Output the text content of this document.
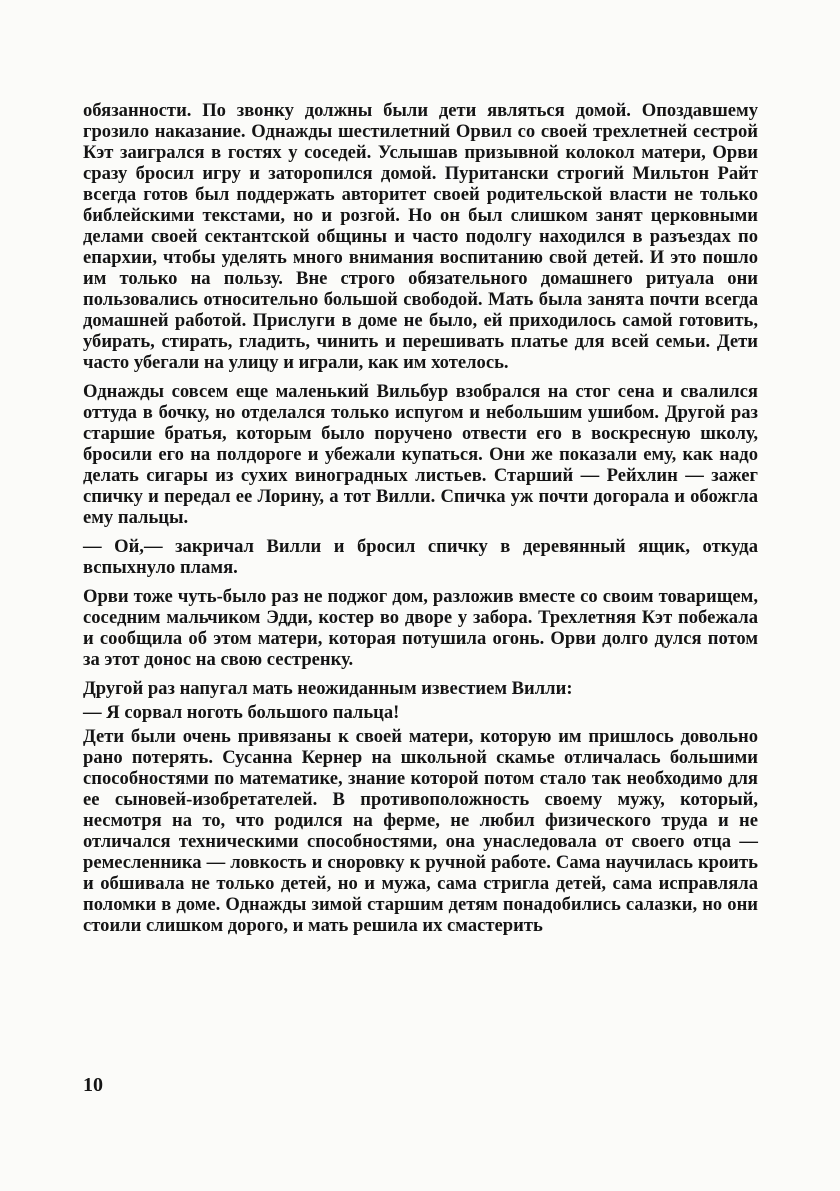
обязанности. По звонку должны были дети являться домой. Опоздавшему грозило наказание. Однажды шестилетний Орвил со своей трехлетней сестрой Кэт заигрался в гостях у соседей. Услышав призывной колокол матери, Орви сразу бросил игру и заторопился домой. Пуритански строгий Мильтон Райт всегда готов был поддержать авторитет своей родительской власти не только библейскими текстами, но и розгой. Но он был слишком занят церковными делами своей сектантской общины и часто подолгу находился в разъездах по епархии, чтобы уделять много внимания воспитанию свой детей. И это пошло им только на пользу. Вне строго обязательного домашнего ритуала они пользовались относительно большой свободой. Мать была занята почти всегда домашней работой. Прислуги в доме не было, ей приходилось самой готовить, убирать, стирать, гладить, чинить и перешивать платье для всей семьи. Дети часто убегали на улицу и играли, как им хотелось.

Однажды совсем еще маленький Вильбур взобрался на стог сена и свалился оттуда в бочку, но отделался только испугом и небольшим ушибом. Другой раз старшие братья, которым было поручено отвести его в воскресную школу, бросили его на полдороге и убежали купаться. Они же показали ему, как надо делать сигары из сухих виноградных листьев. Старший — Рейхлин — зажег спичку и передал ее Лорину, а тот Вилли. Спичка уж почти догорала и обожгла ему пальцы.

— Ой,— закричал Вилли и бросил спичку в деревянный ящик, откуда вспыхнуло пламя.

Орви тоже чуть-было раз не поджог дом, разложив вместе со своим товарищем, соседним мальчиком Эдди, костер во дворе у забора. Трехлетняя Кэт побежала и сообщила об этом матери, которая потушила огонь. Орви долго дулся потом за этот донос на свою сестренку.

Другой раз напугал мать неожиданным известием Вилли:

— Я сорвал ноготь большого пальца!

Дети были очень привязаны к своей матери, которую им пришлось довольно рано потерять. Сусанна Кернер на школьной скамье отличалась большими способностями по математике, знание которой потом стало так необходимо для ее сыновей-изобретателей. В противоположность своему мужу, который, несмотря на то, что родился на ферме, не любил физического труда и не отличался техническими способностями, она унаследовала от своего отца — ремесленника — ловкость и сноровку к ручной работе. Сама научилась кроить и обшивала не только детей, но и мужа, сама стригла детей, сама исправляла поломки в доме. Однажды зимой старшим детям понадобились салазки, но они стоили слишком дорого, и мать решила их смастерить

10
